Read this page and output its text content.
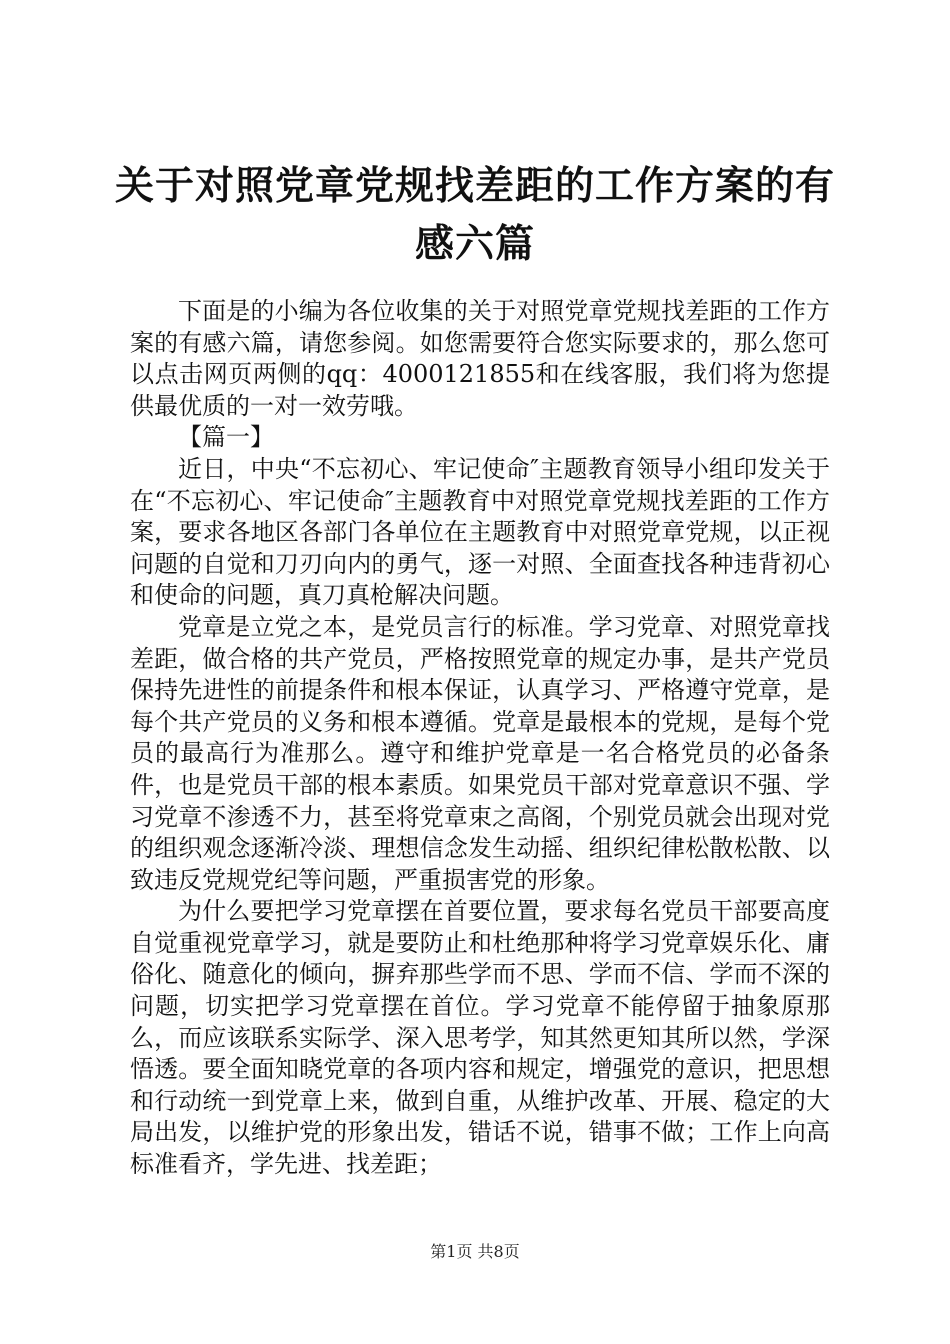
关于对照党章党规找差距的工作方案的有感六篇

下面是的小编为各位收集的关于对照党章党规找差距的工作方案的有感六篇，请您参阅。如您需要符合您实际要求的，那么您可以点击网页两侧的qq：4000121855和在线客服，我们将为您提供最优质的一对一效劳哦。

【篇一】

近日，中央“不忘初心、牢记使命″主题教育领导小组印发关于在“不忘初心、牢记使命″主题教育中对照党章党规找差距的工作方案，要求各地区各部门各单位在主题教育中对照党章党规，以正视问题的自觉和刀刃向内的勇气，逐一对照、全面查找各种违背初心和使命的问题，真刀真枪解决问题。

党章是立党之本，是党员言行的标准。学习党章、对照党章找差距，做合格的共产党员，严格按照党章的规定办事，是共产党员保持先进性的前提条件和根本保证，认真学习、严格遵守党章，是每个共产党员的义务和根本遵循。党章是最根本的党规，是每个党员的最高行为准那么。遵守和维护党章是一名合格党员的必备条件，也是党员干部的根本素质。如果党员干部对党章意识不强、学习党章不渗透不力，甚至将党章束之高阁，个别党员就会出现对党的组织观念逐渐冷淡、理想信念发生动摇、组织纪律松散松散、以致违反党规党纪等问题，严重损害党的形象。

为什么要把学习党章摆在首要位置，要求每名党员干部要高度自觉重视党章学习，就是要防止和杜绝那种将学习党章娱乐化、庸俗化、随意化的倾向，摒弃那些学而不思、学而不信、学而不深的问题，切实把学习党章摆在首位。学习党章不能停留于抽象原那么，而应该联系实际学、深入思考学，知其然更知其所以然，学深悟透。要全面知晓党章的各项内容和规定，增强党的意识，把思想和行动统一到党章上来，做到自重，从维护改革、开展、稳定的大局出发，以维护党的形象出发，错话不说，错事不做；工作上向高标准看齐，学先进、找差距；

第1页 共8页
